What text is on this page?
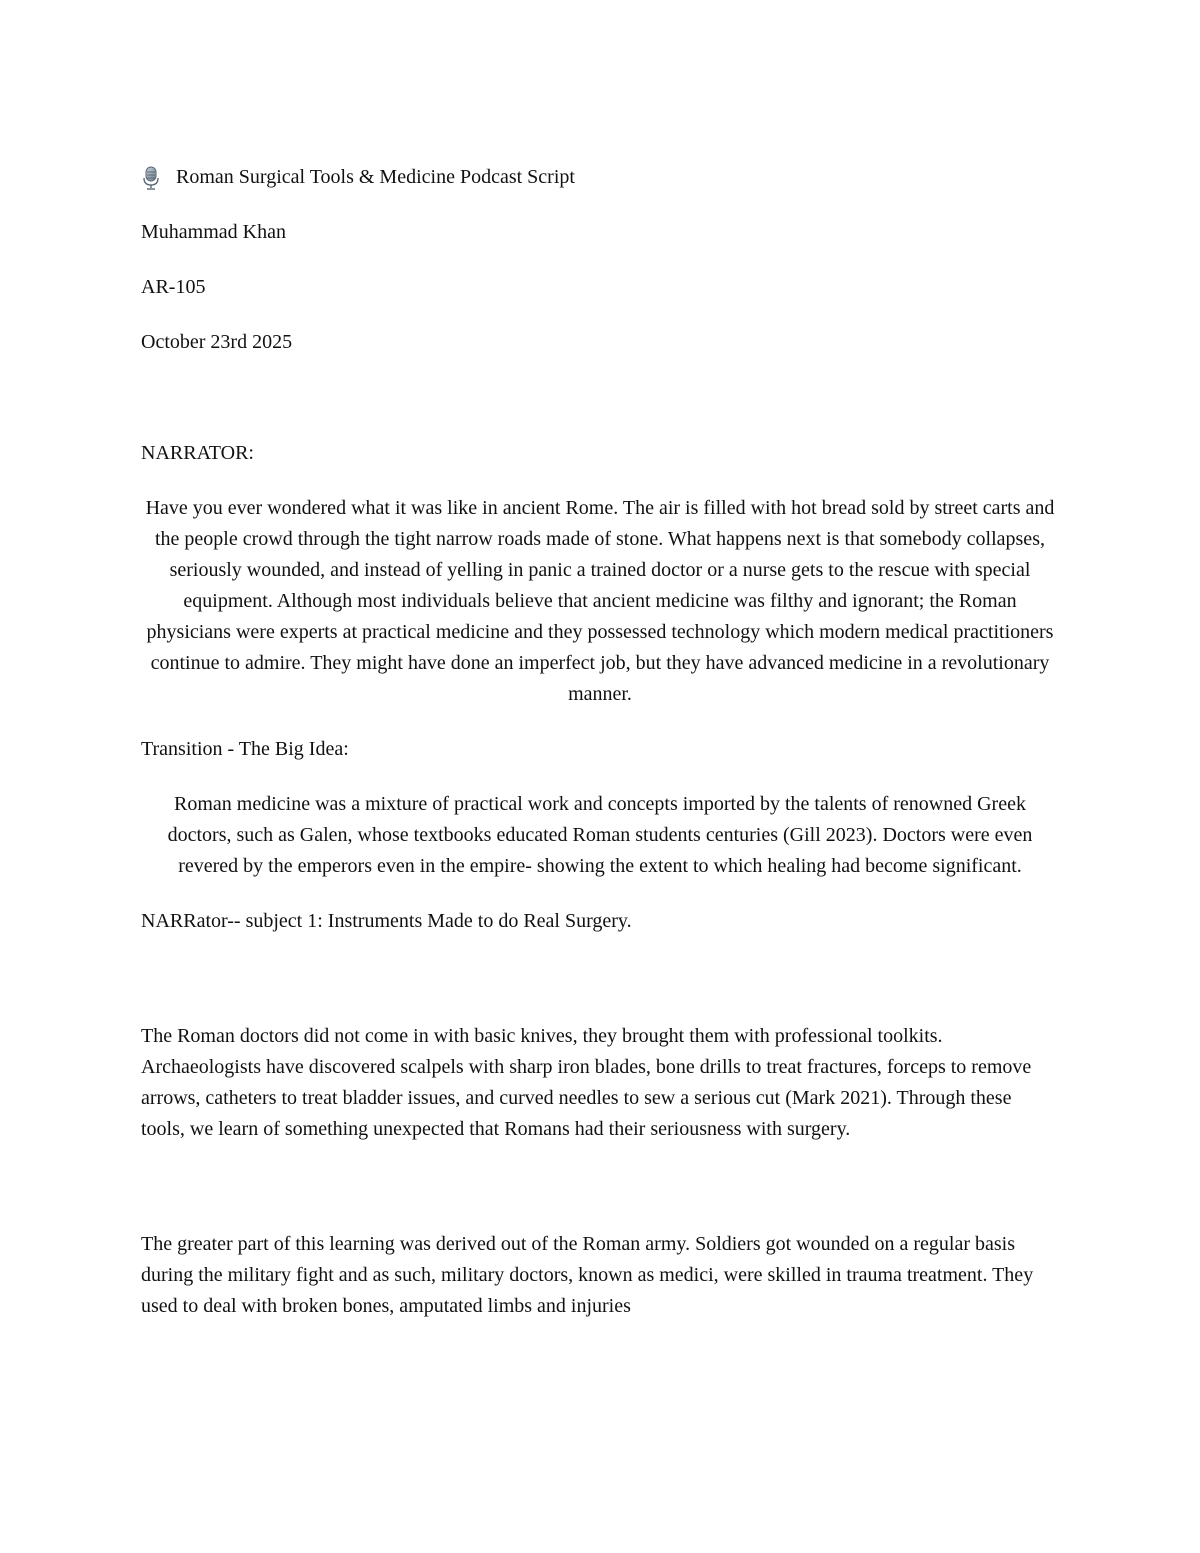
Roman Surgical Tools & Medicine Podcast Script

Muhammad Khan

AR-105

October 23rd 2025

NARRATOR:

Have you ever wondered what it was like in ancient Rome. The air is filled with hot bread sold by street carts and the people crowd through the tight narrow roads made of stone. What happens next is that somebody collapses, seriously wounded, and instead of yelling in panic a trained doctor or a nurse gets to the rescue with special equipment. Although most individuals believe that ancient medicine was filthy and ignorant; the Roman physicians were experts at practical medicine and they possessed technology which modern medical practitioners continue to admire. They might have done an imperfect job, but they have advanced medicine in a revolutionary manner.

Transition - The Big Idea:

Roman medicine was a mixture of practical work and concepts imported by the talents of renowned Greek doctors, such as Galen, whose textbooks educated Roman students centuries (Gill 2023). Doctors were even revered by the emperors even in the empire- showing the extent to which healing had become significant.

NARRator-- subject 1: Instruments Made to do Real Surgery.

The Roman doctors did not come in with basic knives, they brought them with professional toolkits. Archaeologists have discovered scalpels with sharp iron blades, bone drills to treat fractures, forceps to remove arrows, catheters to treat bladder issues, and curved needles to sew a serious cut (Mark 2021). Through these tools, we learn of something unexpected that Romans had their seriousness with surgery.

The greater part of this learning was derived out of the Roman army. Soldiers got wounded on a regular basis during the military fight and as such, military doctors, known as medici, were skilled in trauma treatment. They used to deal with broken bones, amputated limbs and injuries
